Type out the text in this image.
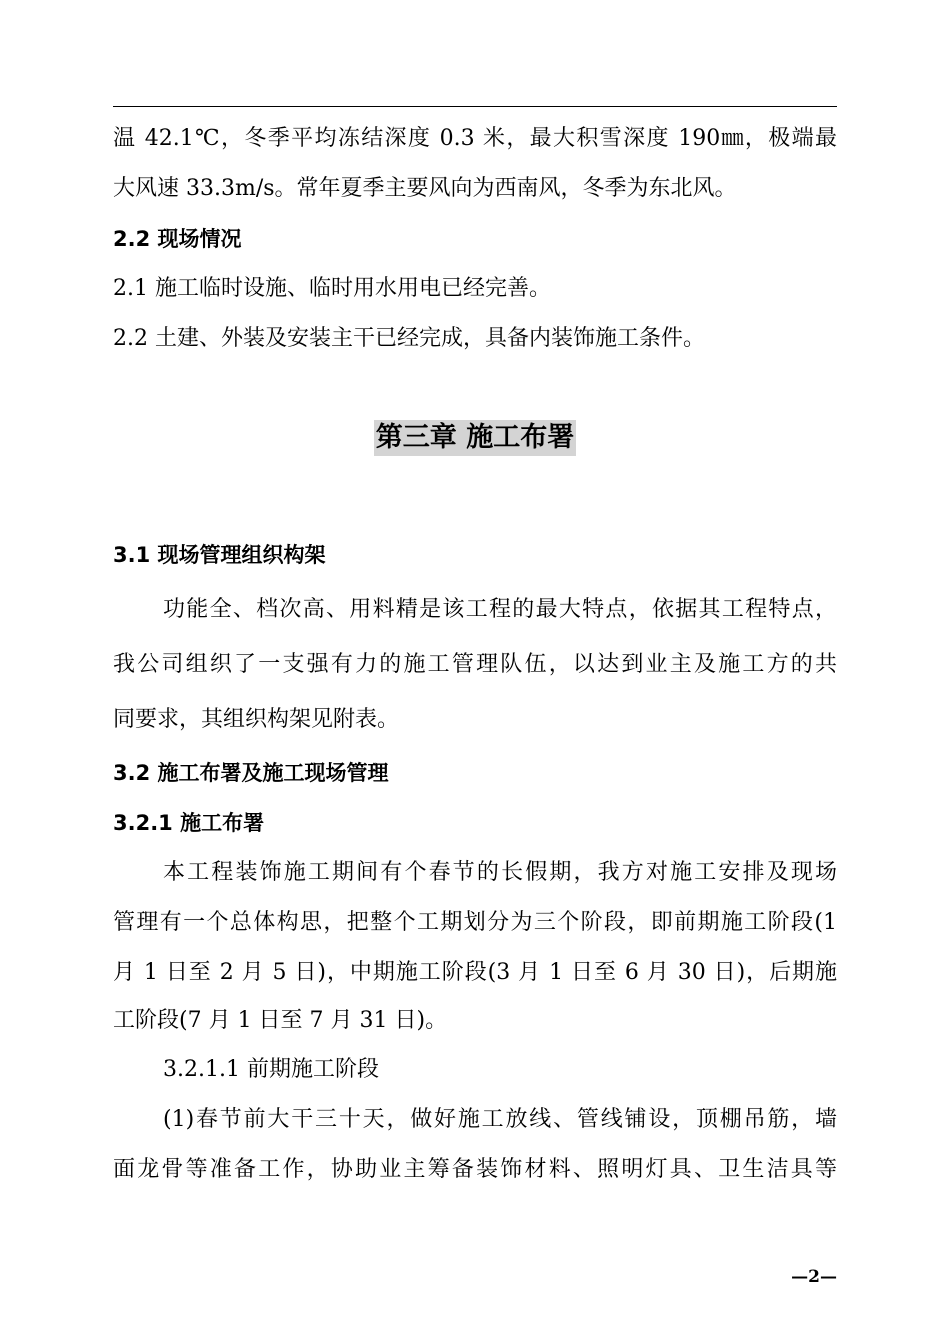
温 42.1℃，冬季平均冻结深度 0.3 米，最大积雪深度 190㎜，极端最
大风速 33.3m/s。常年夏季主要风向为西南风，冬季为东北风。
2.2 现场情况
2.1 施工临时设施、临时用水用电已经完善。
2.2 土建、外装及安装主干已经完成，具备内装饰施工条件。
第三章 施工布署
3.1 现场管理组织构架
功能全、档次高、用料精是该工程的最大特点，依据其工程特点，
我公司组织了一支强有力的施工管理队伍，以达到业主及施工方的共
同要求，其组织构架见附表。
3.2 施工布署及施工现场管理
3.2.1 施工布署
本工程装饰施工期间有个春节的长假期，我方对施工安排及现场
管理有一个总体构思，把整个工期划分为三个阶段，即前期施工阶段(1
月 1 日至 2 月 5 日)，中期施工阶段(3 月 1 日至 6 月 30 日)，后期施
工阶段(7 月 1 日至 7 月 31 日)。
3.2.1.1 前期施工阶段
(1)春节前大干三十天，做好施工放线、管线铺设，顶棚吊筋，墙
面龙骨等准备工作，协助业主筹备装饰材料、照明灯具、卫生洁具等
—2—
